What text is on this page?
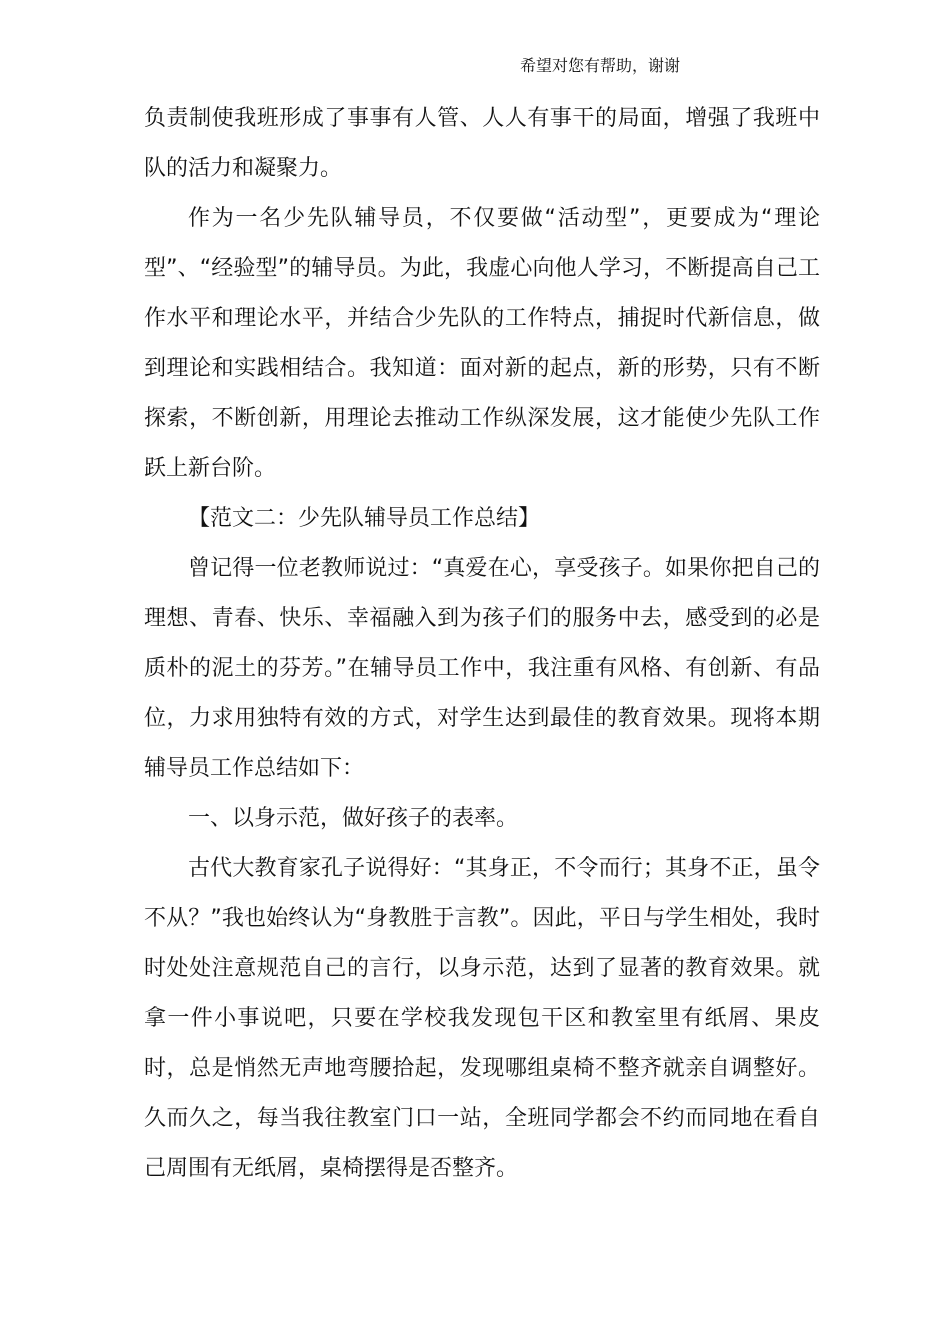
希望对您有帮助，谢谢

负责制使我班形成了事事有人管、人人有事干的局面，增强了我班中队的活力和凝聚力。

作为一名少先队辅导员，不仅要做“活动型”，更要成为“理论型”、“经验型”的辅导员。为此，我虚心向他人学习，不断提高自己工作水平和理论水平，并结合少先队的工作特点，捕捉时代新信息，做到理论和实践相结合。我知道：面对新的起点，新的形势，只有不断探索，不断创新，用理论去推动工作纵深发展，这才能使少先队工作跃上新台阶。

【范文二：少先队辅导员工作总结】

曾记得一位老教师说过：“真爱在心，享受孩子。如果你把自己的理想、青春、快乐、幸福融入到为孩子们的服务中去，感受到的必是质朴的泥土的芬芳。”在辅导员工作中，我注重有风格、有创新、有品位，力求用独特有效的方式，对学生达到最佳的教育效果。现将本期辅导员工作总结如下：

一、以身示范，做好孩子的表率。

古代大教育家孔子说得好：“其身正，不令而行；其身不正，虽令不从？”我也始终认为“身教胜于言教”。因此，平日与学生相处，我时时处处注意规范自己的言行，以身示范，达到了显著的教育效果。就拿一件小事说吧，只要在学校我发现包干区和教室里有纸屑、果皮时，总是悄然无声地弯腰拾起，发现哪组桌椅不整齐就亲自调整好。久而久之，每当我往教室门口一站，全班同学都会不约而同地在看自己周围有无纸屑，桌椅摆得是否整齐。
